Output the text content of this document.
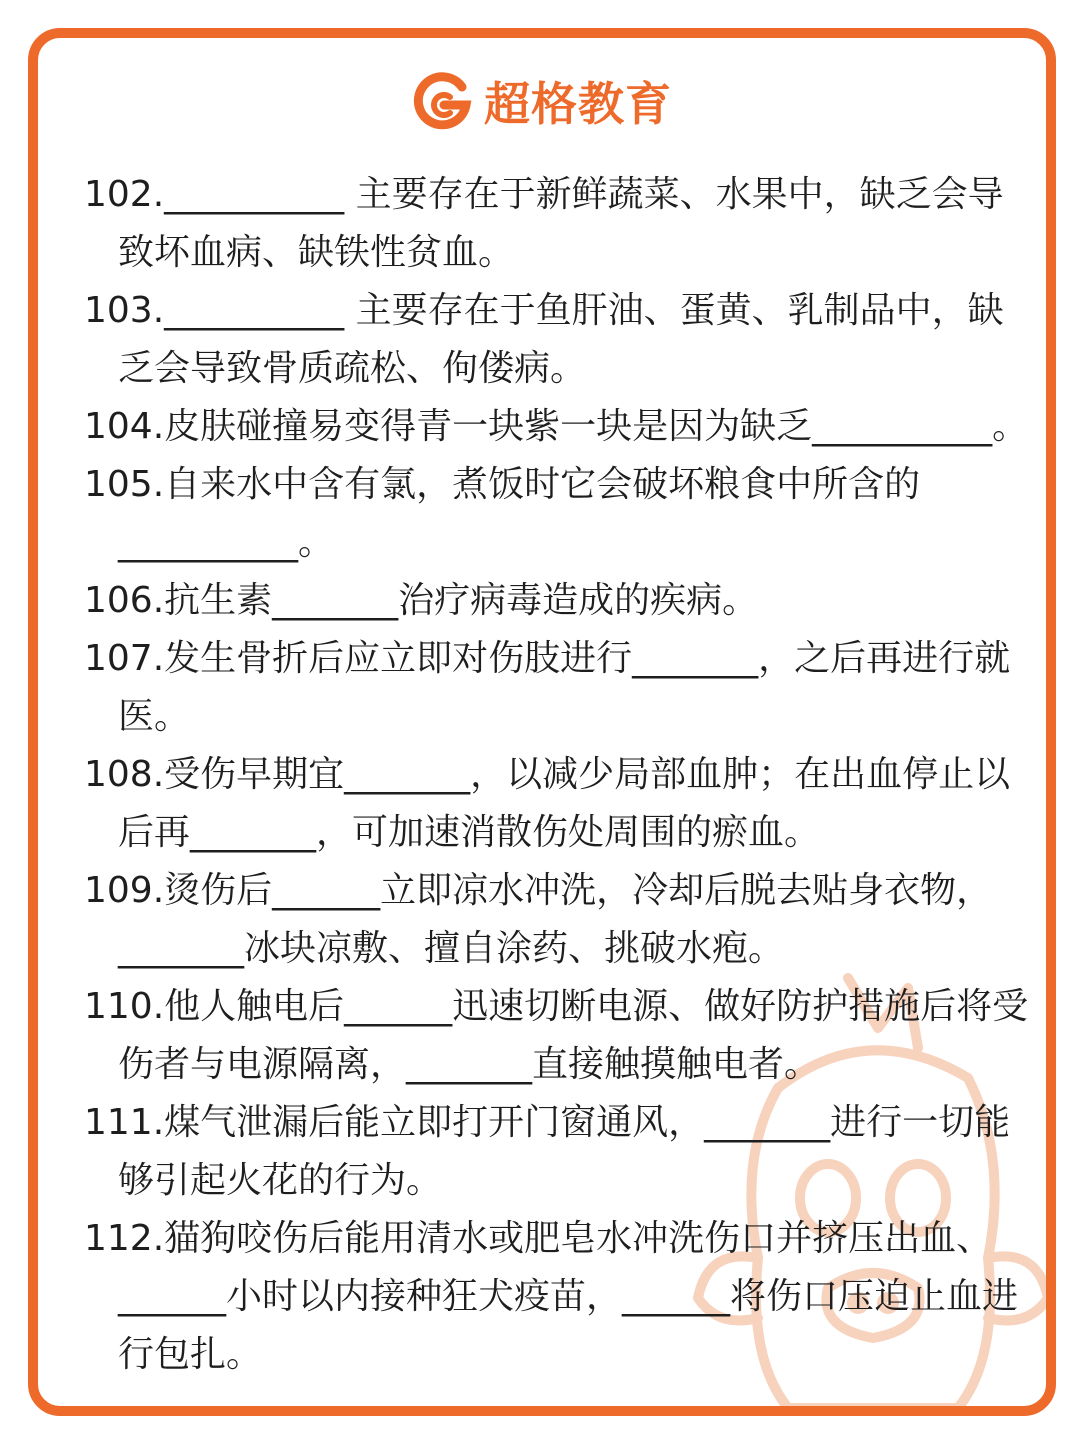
超格教育

102.__________ 主要存在于新鲜蔬菜、水果中，缺乏会导致坏血病、缺铁性贫血。

103.__________ 主要存在于鱼肝油、蛋黄、乳制品中，缺乏会导致骨质疏松、佝偻病。

104.皮肤碰撞易变得青一块紫一块是因为缺乏__________。

105.自来水中含有氯，煮饭时它会破坏粮食中所含的__________。

106.抗生素_______治疗病毒造成的疾病。

107.发生骨折后应立即对伤肢进行_______，之后再进行就医。

108.受伤早期宜_______，以减少局部血肿；在出血停止以后再_______，可加速消散伤处周围的瘀血。

109.烫伤后______立即凉水冲洗，冷却后脱去贴身衣物，_______冰块凉敷、擅自涂药、挑破水疱。

110.他人触电后______迅速切断电源、做好防护措施后将受伤者与电源隔离，_______直接触摸触电者。

111.煤气泄漏后能立即打开门窗通风，_______进行一切能够引起火花的行为。

112.猫狗咬伤后能用清水或肥皂水冲洗伤口并挤压出血、______小时以内接种狂犬疫苗，______将伤口压迫止血进行包扎。
